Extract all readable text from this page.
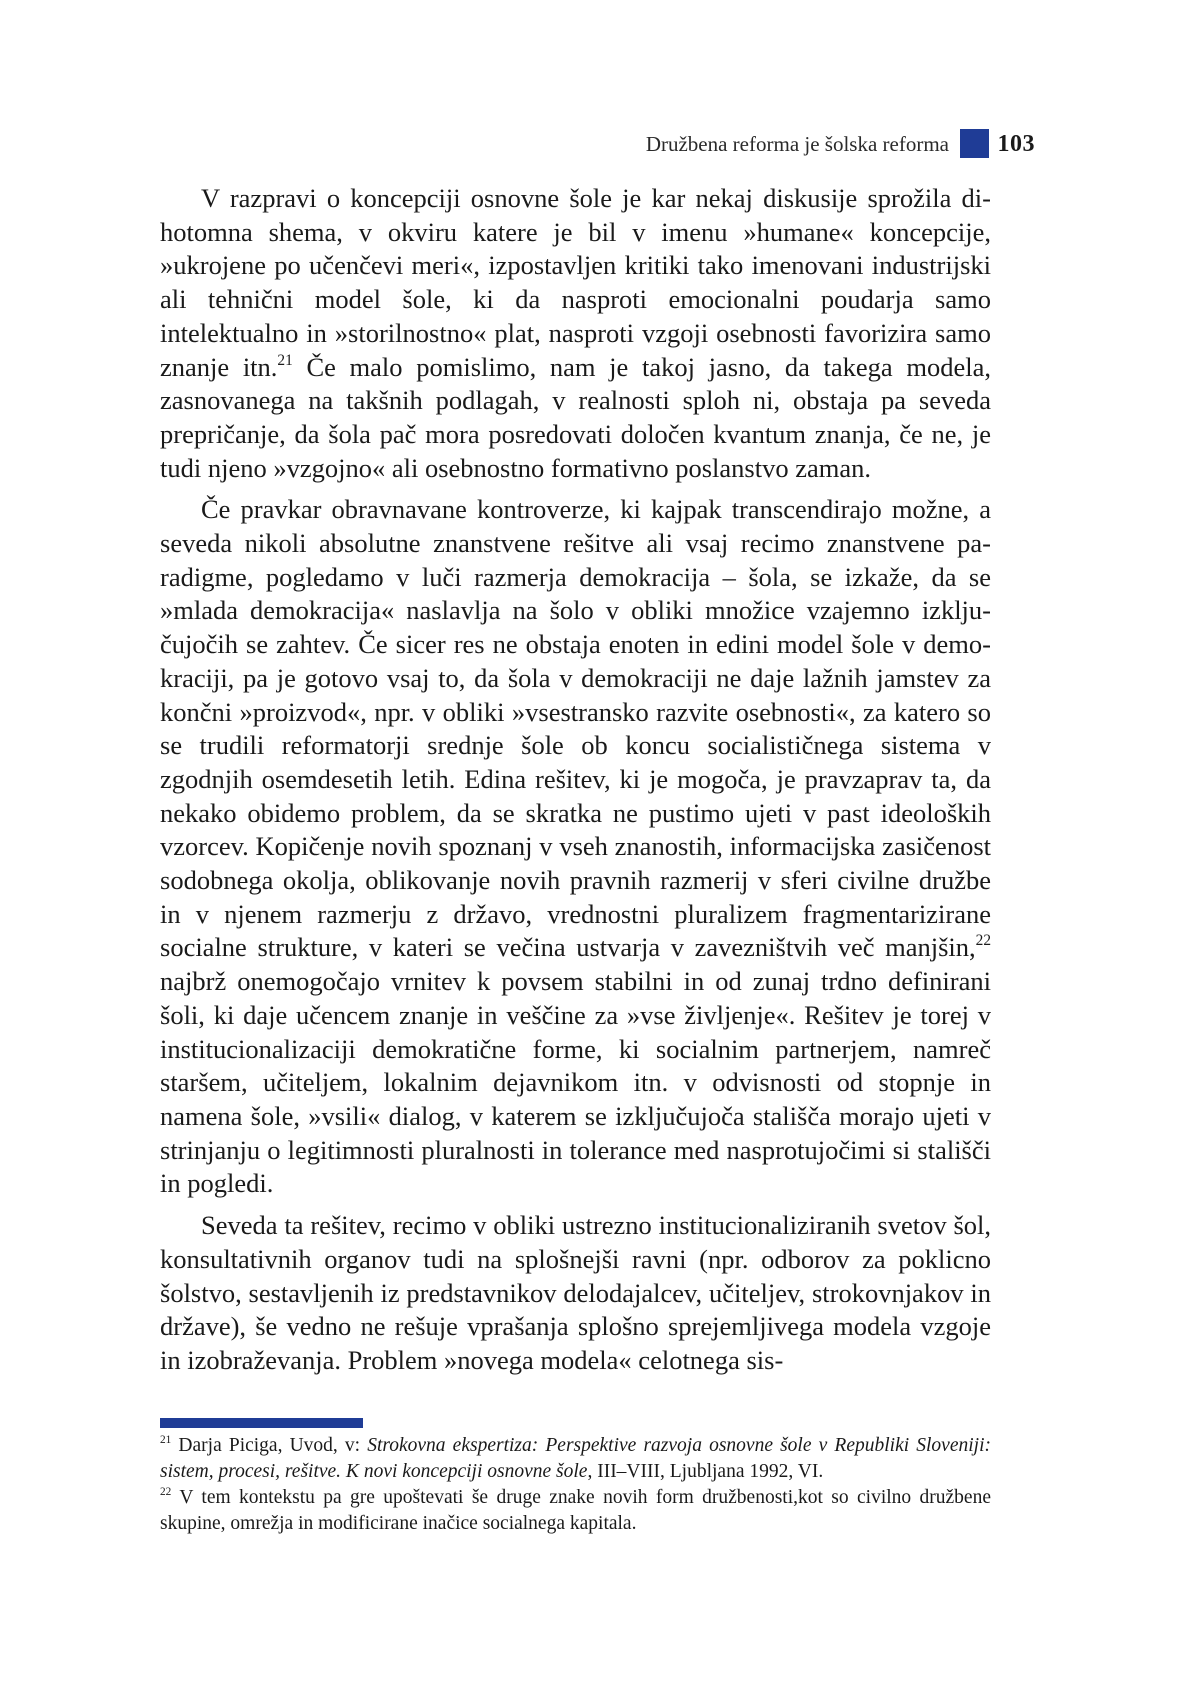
Družbena reforma je šolska reforma 103

V razpravi o koncepciji osnovne šole je kar nekaj diskusije sprožila dihotomna shema, v okviru katere je bil v imenu »humane« koncepcije, »ukrojene po učenčevi meri«, izpostavljen kritiki tako imenovani industrijski ali tehnični model šole, ki da nasproti emocionalni poudarja samo intelektualno in »storilnostno« plat, nasproti vzgoji osebnosti favorizira samo znanje itn.$^{21}$ Če malo pomislimo, nam je takoj jasno, da takega modela, zasnovanega na takšnih podlagah, v realnosti sploh ni, obstaja pa seveda prepričanje, da šola pač mora posredovati določen kvantum znanja, če ne, je tudi njeno »vzgojno« ali osebnostno formativno poslanstvo zaman.

Če pravkar obravnavane kontroverze, ki kajpak transcendirajo možne, a seveda nikoli absolutne znanstvene rešitve ali vsaj recimo znanstvene paradigme, pogledamo v luči razmerja demokracija – šola, se izkaže, da se »mlada demokracija« naslavlja na šolo v obliki množice vzajemno izključujočih se zahtev. Če sicer res ne obstaja enoten in edini model šole v demokraciji, pa je gotovo vsaj to, da šola v demokraciji ne daje lažnih jamstev za končni »proizvod«, npr. v obliki »vsestransko razvite osebnosti«, za katero so se trudili reformatorji srednje šole ob koncu socialističnega sistema v zgodnjih osemdesetih letih. Edina rešitev, ki je mogoča, je pravzaprav ta, da nekako obidemo problem, da se skratka ne pustimo ujeti v past ideoloških vzorcev. Kopičenje novih spoznanj v vseh znanostih, informacijska zasičenost sodobnega okolja, oblikovanje novih pravnih razmerij v sferi civilne družbe in v njenem razmerju z državo, vrednostni pluralizem fragmentarizirane socialne strukture, v kateri se večina ustvarja v zavezništvih več manjšin,$^{22}$ najbrž onemogočajo vrnitev k povsem stabilni in od zunaj trdno definirani šoli, ki daje učencem znanje in veščine za »vse življenje«. Rešitev je torej v institucionalizaciji demokratične forme, ki socialnim partnerjem, namreč staršem, učiteljem, lokalnim dejavnikom itn. v odvisnosti od stopnje in namena šole, »vsili« dialog, v katerem se izključujoča stališča morajo ujeti v strinjanju o legitimnosti pluralnosti in tolerance med nasprotujočimi si stališči in pogledi.

Seveda ta rešitev, recimo v obliki ustrezno institucionaliziranih svetov šol, konsultativnih organov tudi na splošnejši ravni (npr. odborov za poklicno šolstvo, sestavljenih iz predstavnikov delodajalcev, učiteljev, strokovnjakov in države), še vedno ne rešuje vprašanja splošno sprejemljivega modela vzgoje in izobraževanja. Problem »novega modela« celotnega sis-

$^{21}$ Darja Piciga, Uvod, v: Strokovna ekspertiza: Perspektive razvoja osnovne šole v Republiki Sloveniji: sistem, procesi, rešitve. K novi koncepciji osnovne šole, III–VIII, Ljubljana 1992, VI.

$^{22}$ V tem kontekstu pa gre upoštevati še druge znake novih form družbenosti,kot so civilno družbene skupine, omrežja in modificirane inačice socialnega kapitala.
